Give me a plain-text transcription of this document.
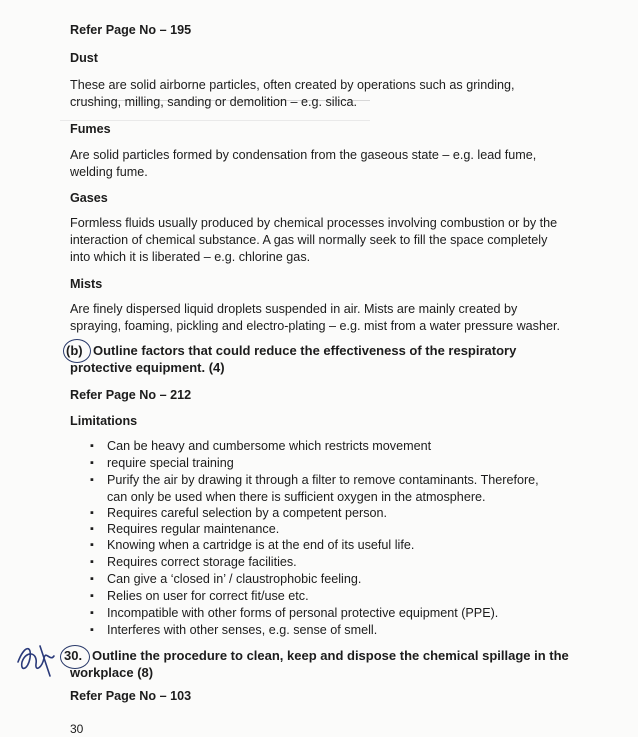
Refer Page No – 195
Dust
These are solid airborne particles, often created by operations such as grinding,
crushing, milling, sanding or demolition – e.g. silica.
Fumes
Are solid particles formed by condensation from the gaseous state – e.g. lead fume,
welding fume.
Gases
Formless fluids usually produced by chemical processes involving combustion or by the
interaction of chemical substance. A gas will normally seek to fill the space completely
into which it is liberated – e.g. chlorine gas.
Mists
Are finely dispersed liquid droplets suspended in air. Mists are mainly created by
spraying, foaming, pickling and electro-plating – e.g. mist from a water pressure washer.
(b) Outline factors that could reduce the effectiveness of the respiratory
protective equipment. (4)
Refer Page No – 212
Limitations
▪ Can be heavy and cumbersome which restricts movement
▪ require special training
▪ Purify the air by drawing it through a filter to remove contaminants. Therefore,
can only be used when there is sufficient oxygen in the atmosphere.
▪ Requires careful selection by a competent person.
▪ Requires regular maintenance.
▪ Knowing when a cartridge is at the end of its useful life.
▪ Requires correct storage facilities.
▪ Can give a ‘closed in’ / claustrophobic feeling.
▪ Relies on user for correct fit/use etc.
▪ Incompatible with other forms of personal protective equipment (PPE).
▪ Interferes with other senses, e.g. sense of smell.
30. Outline the procedure to clean, keep and dispose the chemical spillage in the
workplace (8)
Refer Page No – 103
30
